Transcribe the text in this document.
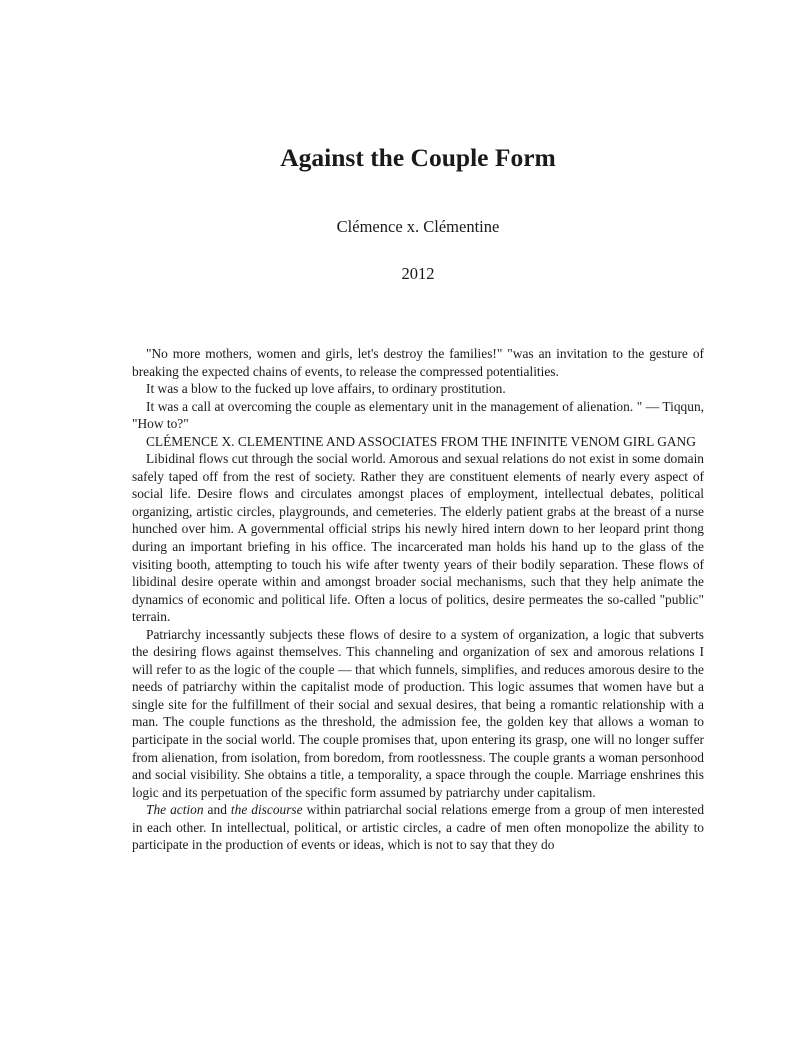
Against the Couple Form
Clémence x. Clémentine
2012

"No more mothers, women and girls, let's destroy the families!" "was an invitation to the gesture of breaking the expected chains of events, to release the compressed potentialities.

It was a blow to the fucked up love affairs, to ordinary prostitution.

It was a call at overcoming the couple as elementary unit in the management of alienation. " — Tiqqun, "How to?"

CLÉMENCE X. CLEMENTINE AND ASSOCIATES FROM THE INFINITE VENOM GIRL GANG

Libidinal flows cut through the social world. Amorous and sexual relations do not exist in some domain safely taped off from the rest of society. Rather they are constituent elements of nearly every aspect of social life. Desire flows and circulates amongst places of employment, intellectual debates, political organizing, artistic circles, playgrounds, and cemeteries. The elderly patient grabs at the breast of a nurse hunched over him. A governmental official strips his newly hired intern down to her leopard print thong during an important briefing in his office. The incarcerated man holds his hand up to the glass of the visiting booth, attempting to touch his wife after twenty years of their bodily separation. These flows of libidinal desire operate within and amongst broader social mechanisms, such that they help animate the dynamics of economic and political life. Often a locus of politics, desire permeates the so-called "public" terrain.

Patriarchy incessantly subjects these flows of desire to a system of organization, a logic that subverts the desiring flows against themselves. This channeling and organization of sex and amorous relations I will refer to as the logic of the couple — that which funnels, simplifies, and reduces amorous desire to the needs of patriarchy within the capitalist mode of production. This logic assumes that women have but a single site for the fulfillment of their social and sexual desires, that being a romantic relationship with a man. The couple functions as the threshold, the admission fee, the golden key that allows a woman to participate in the social world. The couple promises that, upon entering its grasp, one will no longer suffer from alienation, from isolation, from boredom, from rootlessness. The couple grants a woman personhood and social visibility. She obtains a title, a temporality, a space through the couple. Marriage enshrines this logic and its perpetuation of the specific form assumed by patriarchy under capitalism.

The action and the discourse within patriarchal social relations emerge from a group of men interested in each other. In intellectual, political, or artistic circles, a cadre of men often monopolize the ability to participate in the production of events or ideas, which is not to say that they do
